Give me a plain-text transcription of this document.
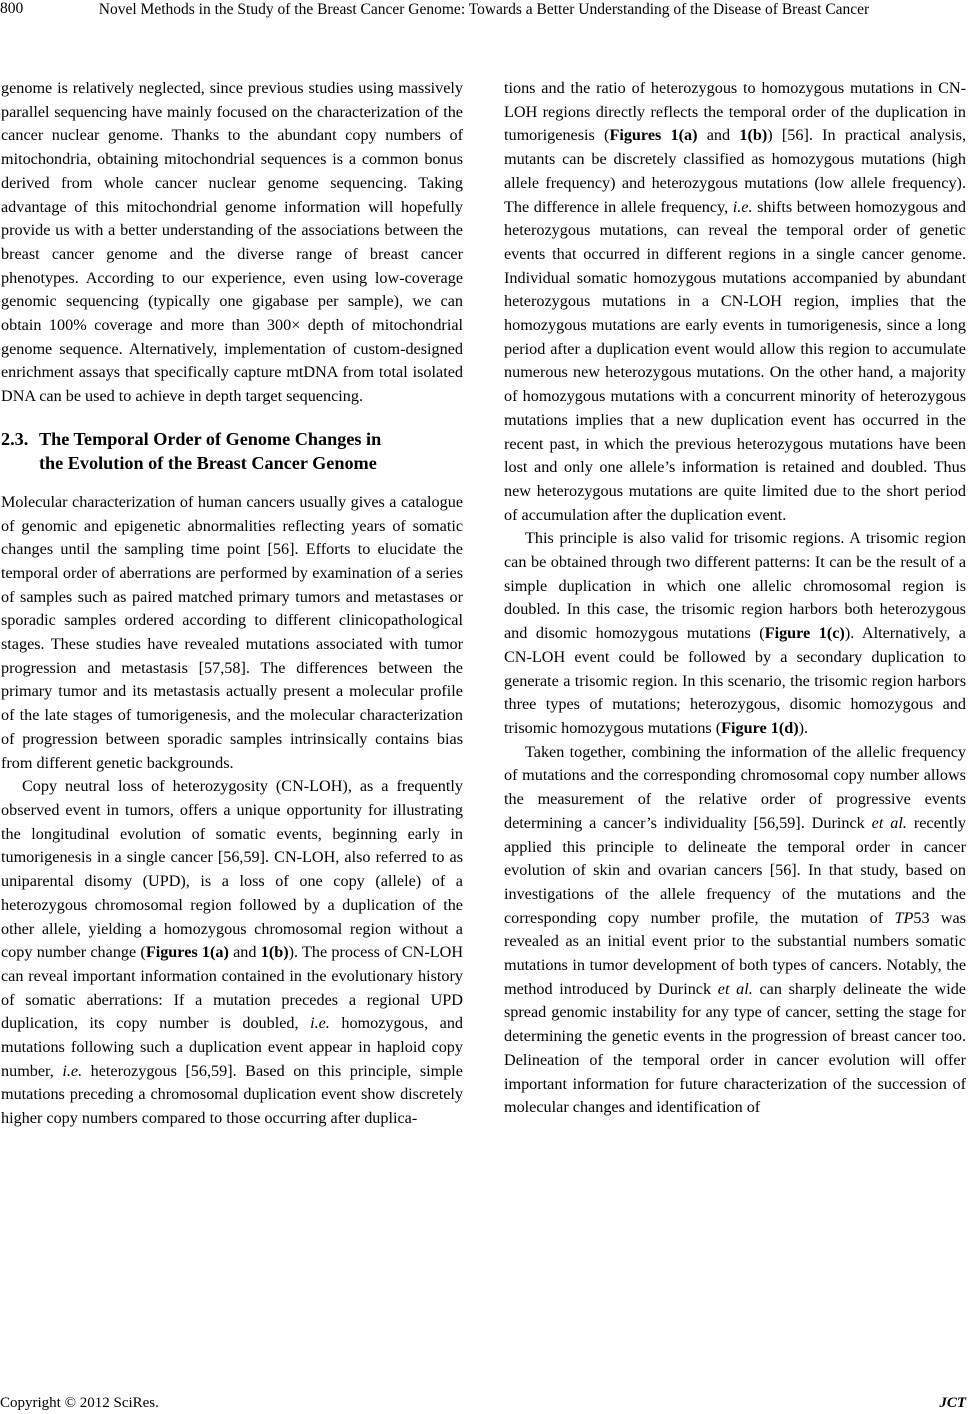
800	Novel Methods in the Study of the Breast Cancer Genome: Towards a Better Understanding of the Disease of Breast Cancer

genome is relatively neglected, since previous studies using massively parallel sequencing have mainly focused on the characterization of the cancer nuclear genome. Thanks to the abundant copy numbers of mitochondria, obtaining mitochondrial sequences is a common bonus derived from whole cancer nuclear genome sequencing. Taking advantage of this mitochondrial genome information will hopefully provide us with a better understanding of the associations between the breast cancer genome and the diverse range of breast cancer phenotypes. According to our experience, even using low-coverage genomic sequencing (typically one gigabase per sample), we can obtain 100% coverage and more than 300× depth of mitochondrial genome sequence. Alternatively, implementation of custom-designed enrichment assays that specifically capture mtDNA from total isolated DNA can be used to achieve in depth target sequencing.

2.3. The Temporal Order of Genome Changes in
the Evolution of the Breast Cancer Genome

Molecular characterization of human cancers usually gives a catalogue of genomic and epigenetic abnormalities reflecting years of somatic changes until the sampling time point [56]. Efforts to elucidate the temporal order of aberrations are performed by examination of a series of samples such as paired matched primary tumors and metastases or sporadic samples ordered according to different clinicopathological stages. These studies have revealed mutations associated with tumor progression and metastasis [57,58]. The differences between the primary tumor and its metastasis actually present a molecular profile of the late stages of tumorigenesis, and the molecular characterization of progression between sporadic samples intrinsically contains bias from different genetic backgrounds.

Copy neutral loss of heterozygosity (CN-LOH), as a frequently observed event in tumors, offers a unique opportunity for illustrating the longitudinal evolution of somatic events, beginning early in tumorigenesis in a single cancer [56,59]. CN-LOH, also referred to as uniparental disomy (UPD), is a loss of one copy (allele) of a heterozygous chromosomal region followed by a duplication of the other allele, yielding a homozygous chromosomal region without a copy number change (Figures 1(a) and 1(b)). The process of CN-LOH can reveal important information contained in the evolutionary history of somatic aberrations: If a mutation precedes a regional UPD duplication, its copy number is doubled, i.e. homozygous, and mutations following such a duplication event appear in haploid copy number, i.e. heterozygous [56,59]. Based on this principle, simple mutations preceding a chromosomal duplication event show discretely higher copy numbers compared to those occurring after duplica-

tions and the ratio of heterozygous to homozygous mutations in CN-LOH regions directly reflects the temporal order of the duplication in tumorigenesis (Figures 1(a) and 1(b)) [56]. In practical analysis, mutants can be discretely classified as homozygous mutations (high allele frequency) and heterozygous mutations (low allele frequency). The difference in allele frequency, i.e. shifts between homozygous and heterozygous mutations, can reveal the temporal order of genetic events that occurred in different regions in a single cancer genome. Individual somatic homozygous mutations accompanied by abundant heterozygous mutations in a CN-LOH region, implies that the homozygous mutations are early events in tumorigenesis, since a long period after a duplication event would allow this region to accumulate numerous new heterozygous mutations. On the other hand, a majority of homozygous mutations with a concurrent minority of heterozygous mutations implies that a new duplication event has occurred in the recent past, in which the previous heterozygous mutations have been lost and only one allele’s information is retained and doubled. Thus new heterozygous mutations are quite limited due to the short period of accumulation after the duplication event.

This principle is also valid for trisomic regions. A trisomic region can be obtained through two different patterns: It can be the result of a simple duplication in which one allelic chromosomal region is doubled. In this case, the trisomic region harbors both heterozygous and disomic homozygous mutations (Figure 1(c)). Alternatively, a CN-LOH event could be followed by a secondary duplication to generate a trisomic region. In this scenario, the trisomic region harbors three types of mutations; heterozygous, disomic homozygous and trisomic homozygous mutations (Figure 1(d)).

Taken together, combining the information of the allelic frequency of mutations and the corresponding chromosomal copy number allows the measurement of the relative order of progressive events determining a cancer’s individuality [56,59]. Durinck et al. recently applied this principle to delineate the temporal order in cancer evolution of skin and ovarian cancers [56]. In that study, based on investigations of the allele frequency of the mutations and the corresponding copy number profile, the mutation of TP53 was revealed as an initial event prior to the substantial numbers somatic mutations in tumor development of both types of cancers. Notably, the method introduced by Durinck et al. can sharply delineate the wide spread genomic instability for any type of cancer, setting the stage for determining the genetic events in the progression of breast cancer too. Delineation of the temporal order in cancer evolution will offer important information for future characterization of the succession of molecular changes and identification of

Copyright © 2012 SciRes.	JCT
